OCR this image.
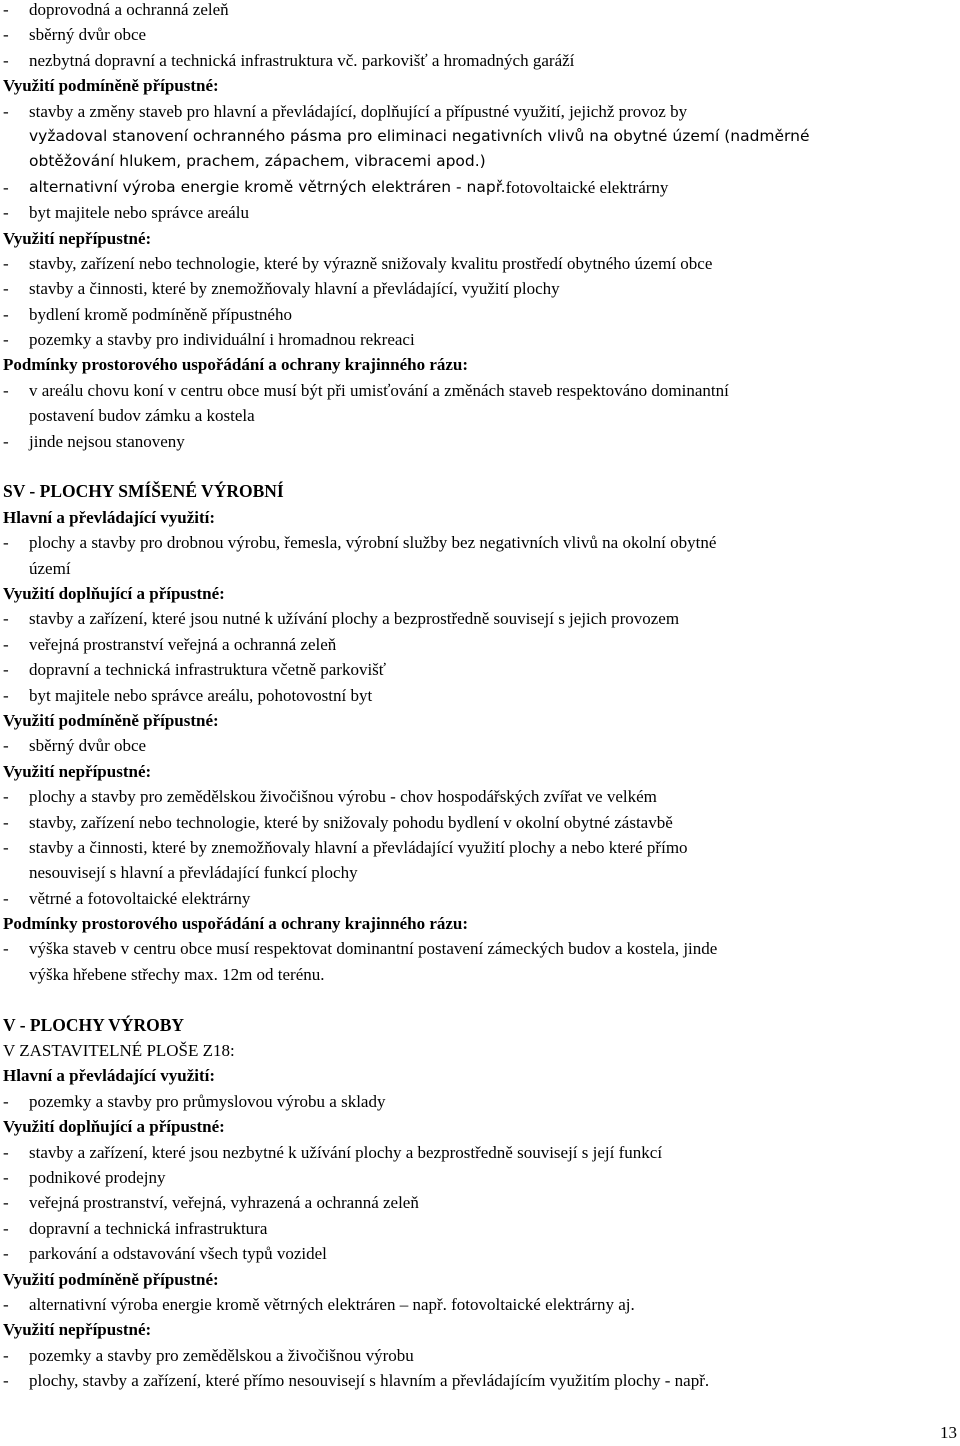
-	doprovodná a ochranná zeleň
-	sběrný dvůr obce
-	nezbytná dopravní a technická infrastruktura vč. parkovišť a hromadných garáží
Využití podmíněně přípustné:
-	stavby a změny staveb pro hlavní a převládající, doplňující a přípustné využití, jejichž provoz by
vyžadoval stanovení ochranného pásma pro eliminaci negativních vlivů na obytné území (nadměrné
obtěžování hlukem, prachem, zápachem, vibracemi apod.)
-	alternativní výroba energie kromě větrných elektráren - např. fotovoltaické elektrárny
-	byt majitele nebo správce areálu
Využití nepřípustné:
-	stavby, zařízení nebo technologie, které by výrazně snižovaly kvalitu prostředí obytného území obce
-	stavby a činnosti, které by znemožňovaly hlavní a převládající, využití plochy
-	bydlení kromě podmíněně přípustného
-	pozemky a stavby pro individuální i hromadnou rekreaci
Podmínky prostorového uspořádání a ochrany krajinného rázu:
-	v areálu chovu koní v centru obce musí být při umisťování a změnách staveb respektováno dominantní
postavení budov zámku a kostela
-	jinde nejsou stanoveny
SV - PLOCHY SMÍŠENÉ VÝROBNÍ
Hlavní a převládající využití:
-	plochy a stavby pro drobnou výrobu, řemesla, výrobní služby bez negativních vlivů na okolní obytné
území
Využití doplňující a přípustné:
-	stavby a zařízení, které jsou nutné k užívání plochy a bezprostředně souvisejí s jejich provozem
-	veřejná prostranství veřejná a ochranná zeleň
-	dopravní a technická infrastruktura včetně parkovišť
-	byt majitele nebo správce areálu, pohotovostní byt
Využití podmíněně přípustné:
-	sběrný dvůr obce
Využití nepřípustné:
-	plochy a stavby pro zemědělskou živočišnou výrobu - chov hospodářských zvířat ve velkém
-	stavby, zařízení nebo technologie, které by snižovaly pohodu bydlení v okolní obytné zástavbě
-	stavby a činnosti, které by znemožňovaly hlavní a převládající využití plochy a nebo které přímo
nesouvisejí s hlavní a převládající funkcí plochy
-	větrné a fotovoltaické elektrárny
Podmínky prostorového uspořádání a ochrany krajinného rázu:
-	výška staveb v centru obce musí respektovat dominantní postavení zámeckých budov a kostela, jinde
výška hřebene střechy max. 12m od terénu.
V - PLOCHY VÝROBY
V ZASTAVITELNÉ PLOŠE Z18:
Hlavní a převládající využití:
-	pozemky a stavby pro průmyslovou výrobu a sklady
Využití doplňující a přípustné:
-	stavby a zařízení, které jsou nezbytné k užívání plochy a bezprostředně souvisejí s její funkcí
-	podnikové prodejny
-	veřejná prostranství, veřejná, vyhrazená a ochranná zeleň
-	dopravní a technická infrastruktura
-	parkování a odstavování všech typů vozidel
Využití podmíněně přípustné:
-	alternativní výroba energie kromě větrných elektráren – např. fotovoltaické elektrárny aj.
Využití nepřípustné:
-	pozemky a stavby pro zemědělskou a živočišnou výrobu
-	plochy, stavby a zařízení, které přímo nesouvisejí s hlavním a převládajícím využitím plochy - např.
13
